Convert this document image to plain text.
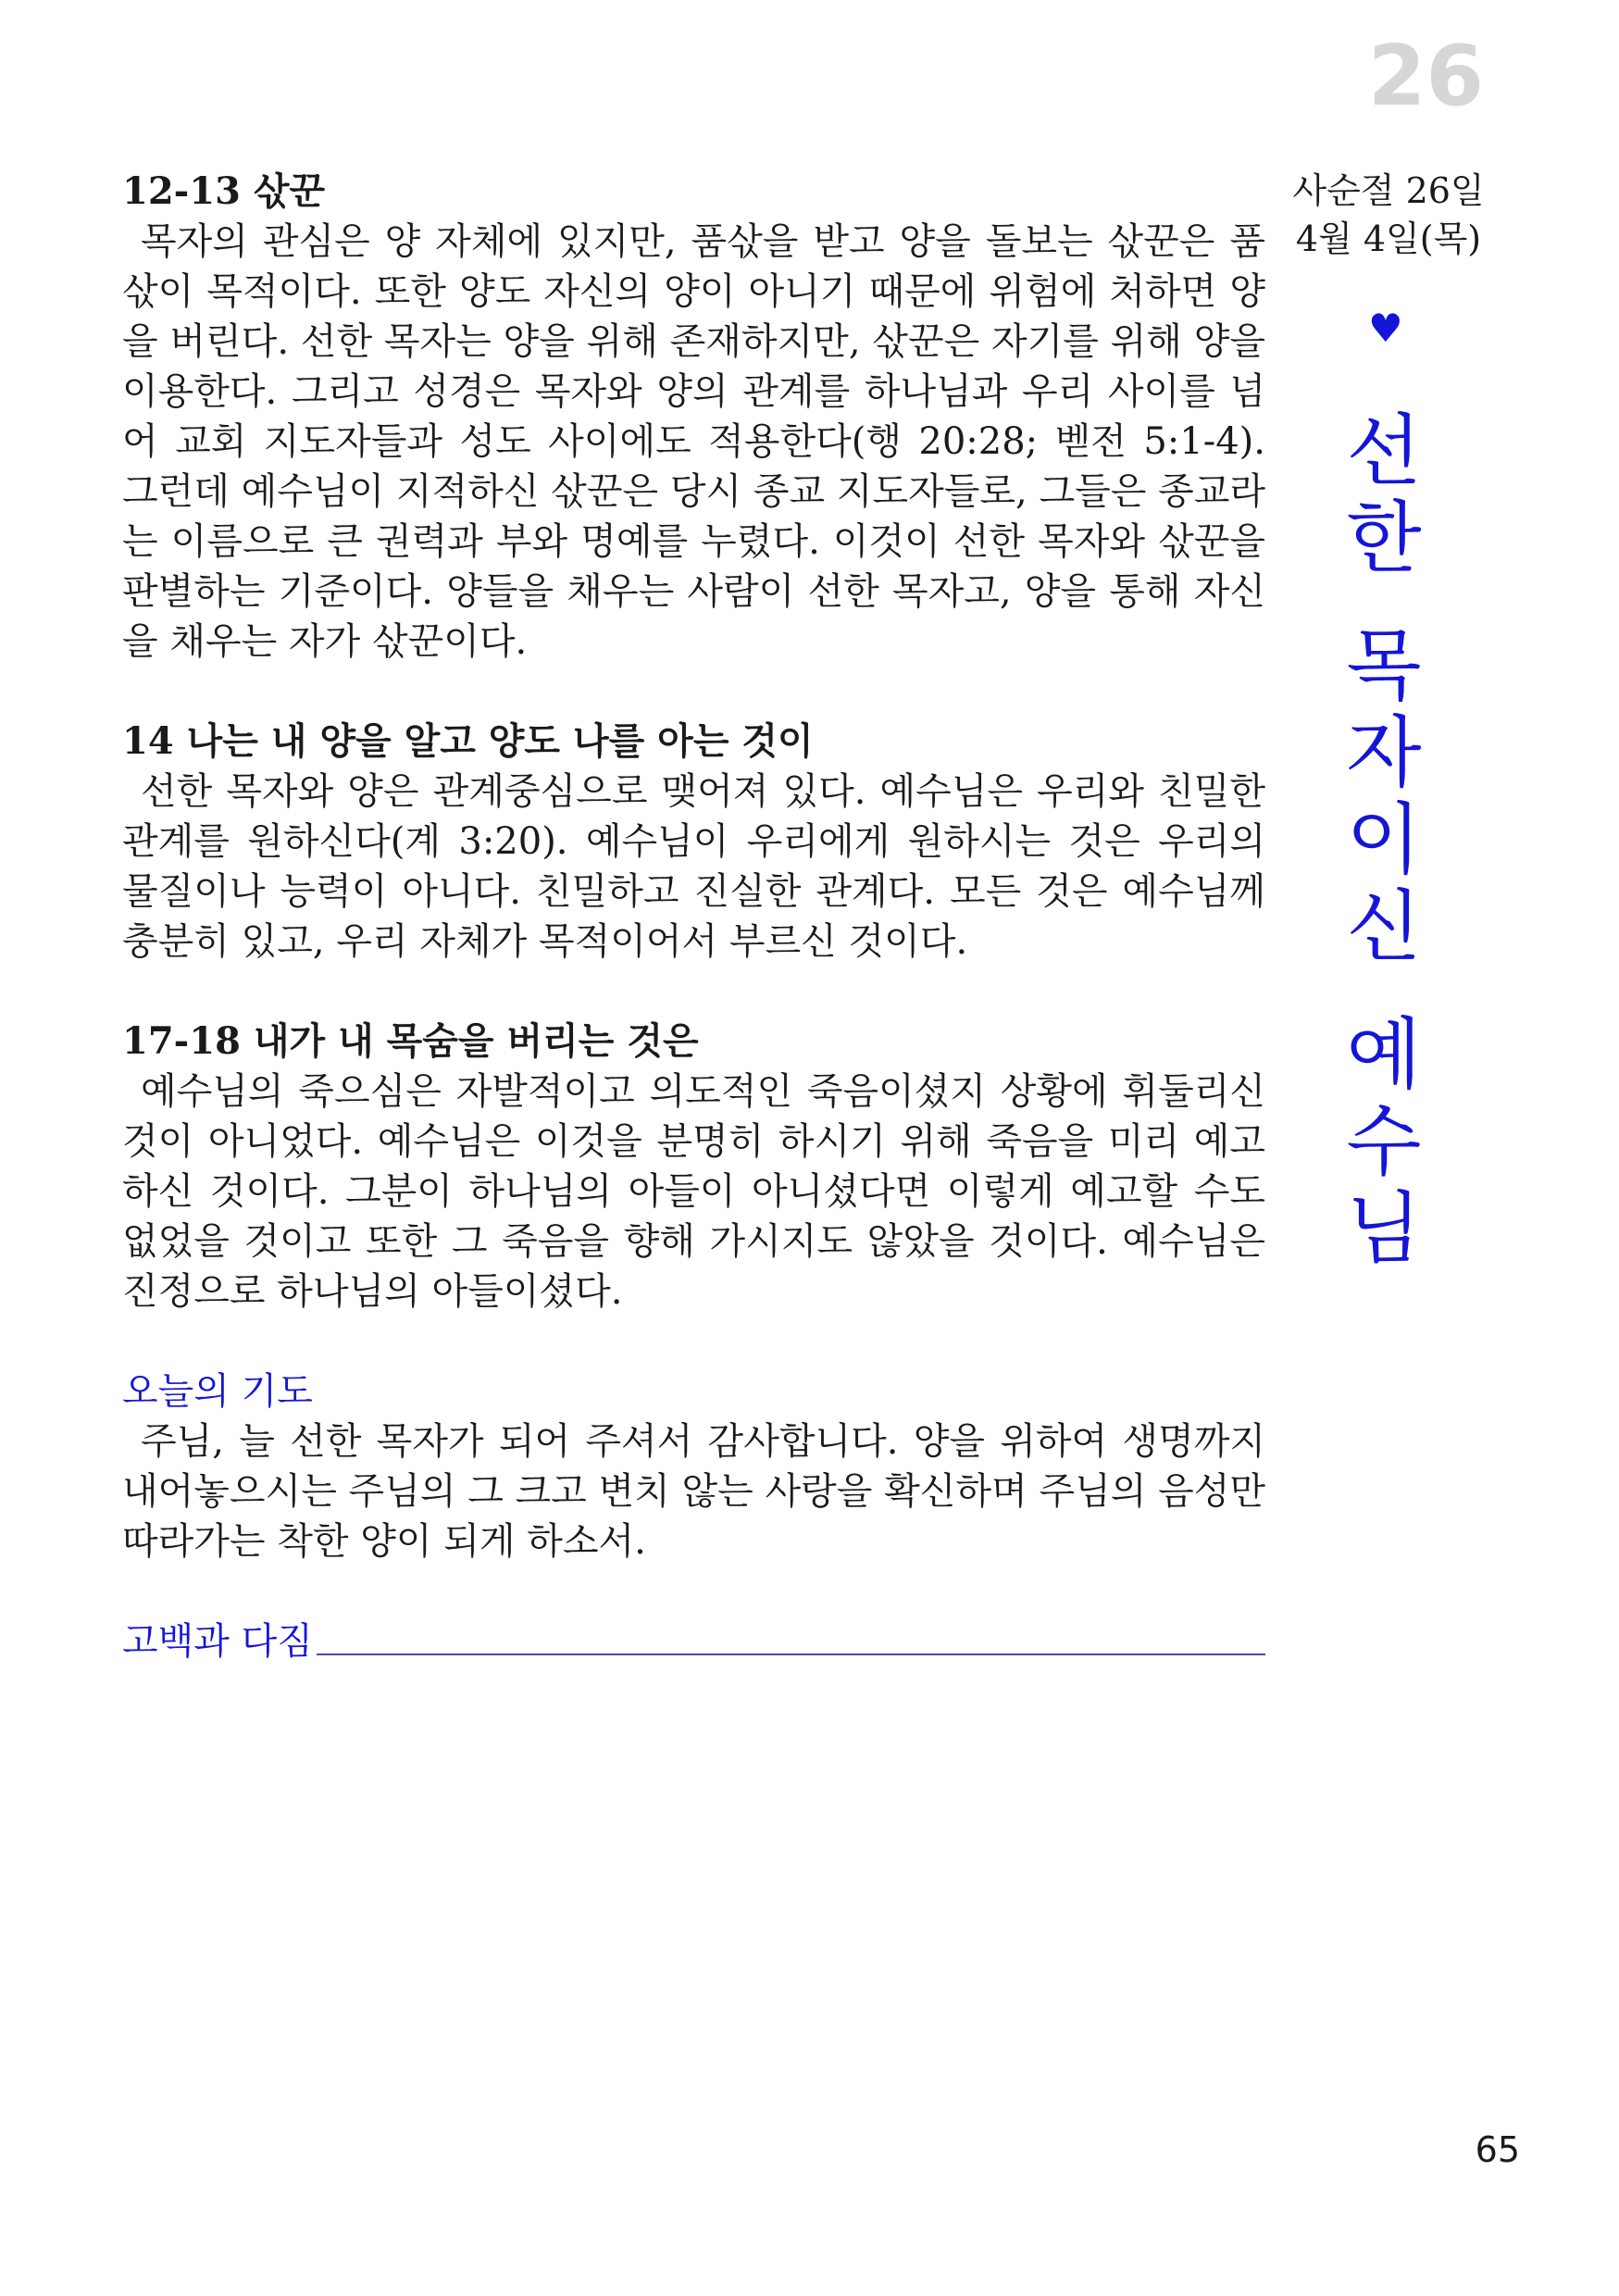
26
사순절 26일
4월 4일(목)
♥
선
한
목
자
이
신
예
수
님

12-13 삯꾼

목자의 관심은 양 자체에 있지만, 품삯을 받고 양을 돌보는 삯꾼은 품삯이 목적이다. 또한 양도 자신의 양이 아니기 때문에 위험에 처하면 양을 버린다. 선한 목자는 양을 위해 존재하지만, 삯꾼은 자기를 위해 양을 이용한다. 그리고 성경은 목자와 양의 관계를 하나님과 우리 사이를 넘어 교회 지도자들과 성도 사이에도 적용한다(행 20:28; 벧전 5:1-4). 그런데 예수님이 지적하신 삯꾼은 당시 종교 지도자들로, 그들은 종교라는 이름으로 큰 권력과 부와 명예를 누렸다. 이것이 선한 목자와 삯꾼을 판별하는 기준이다. 양들을 채우는 사람이 선한 목자고, 양을 통해 자신을 채우는 자가 삯꾼이다.

14 나는 내 양을 알고 양도 나를 아는 것이

선한 목자와 양은 관계중심으로 맺어져 있다. 예수님은 우리와 친밀한 관계를 원하신다(계 3:20). 예수님이 우리에게 원하시는 것은 우리의 물질이나 능력이 아니다. 친밀하고 진실한 관계다. 모든 것은 예수님께 충분히 있고, 우리 자체가 목적이어서 부르신 것이다.

17-18 내가 내 목숨을 버리는 것은

예수님의 죽으심은 자발적이고 의도적인 죽음이셨지 상황에 휘둘리신 것이 아니었다. 예수님은 이것을 분명히 하시기 위해 죽음을 미리 예고하신 것이다. 그분이 하나님의 아들이 아니셨다면 이렇게 예고할 수도 없었을 것이고 또한 그 죽음을 향해 가시지도 않았을 것이다. 예수님은 진정으로 하나님의 아들이셨다.

오늘의 기도

주님, 늘 선한 목자가 되어 주셔서 감사합니다. 양을 위하여 생명까지 내어놓으시는 주님의 그 크고 변치 않는 사랑을 확신하며 주님의 음성만 따라가는 착한 양이 되게 하소서.

고백과 다짐
65
